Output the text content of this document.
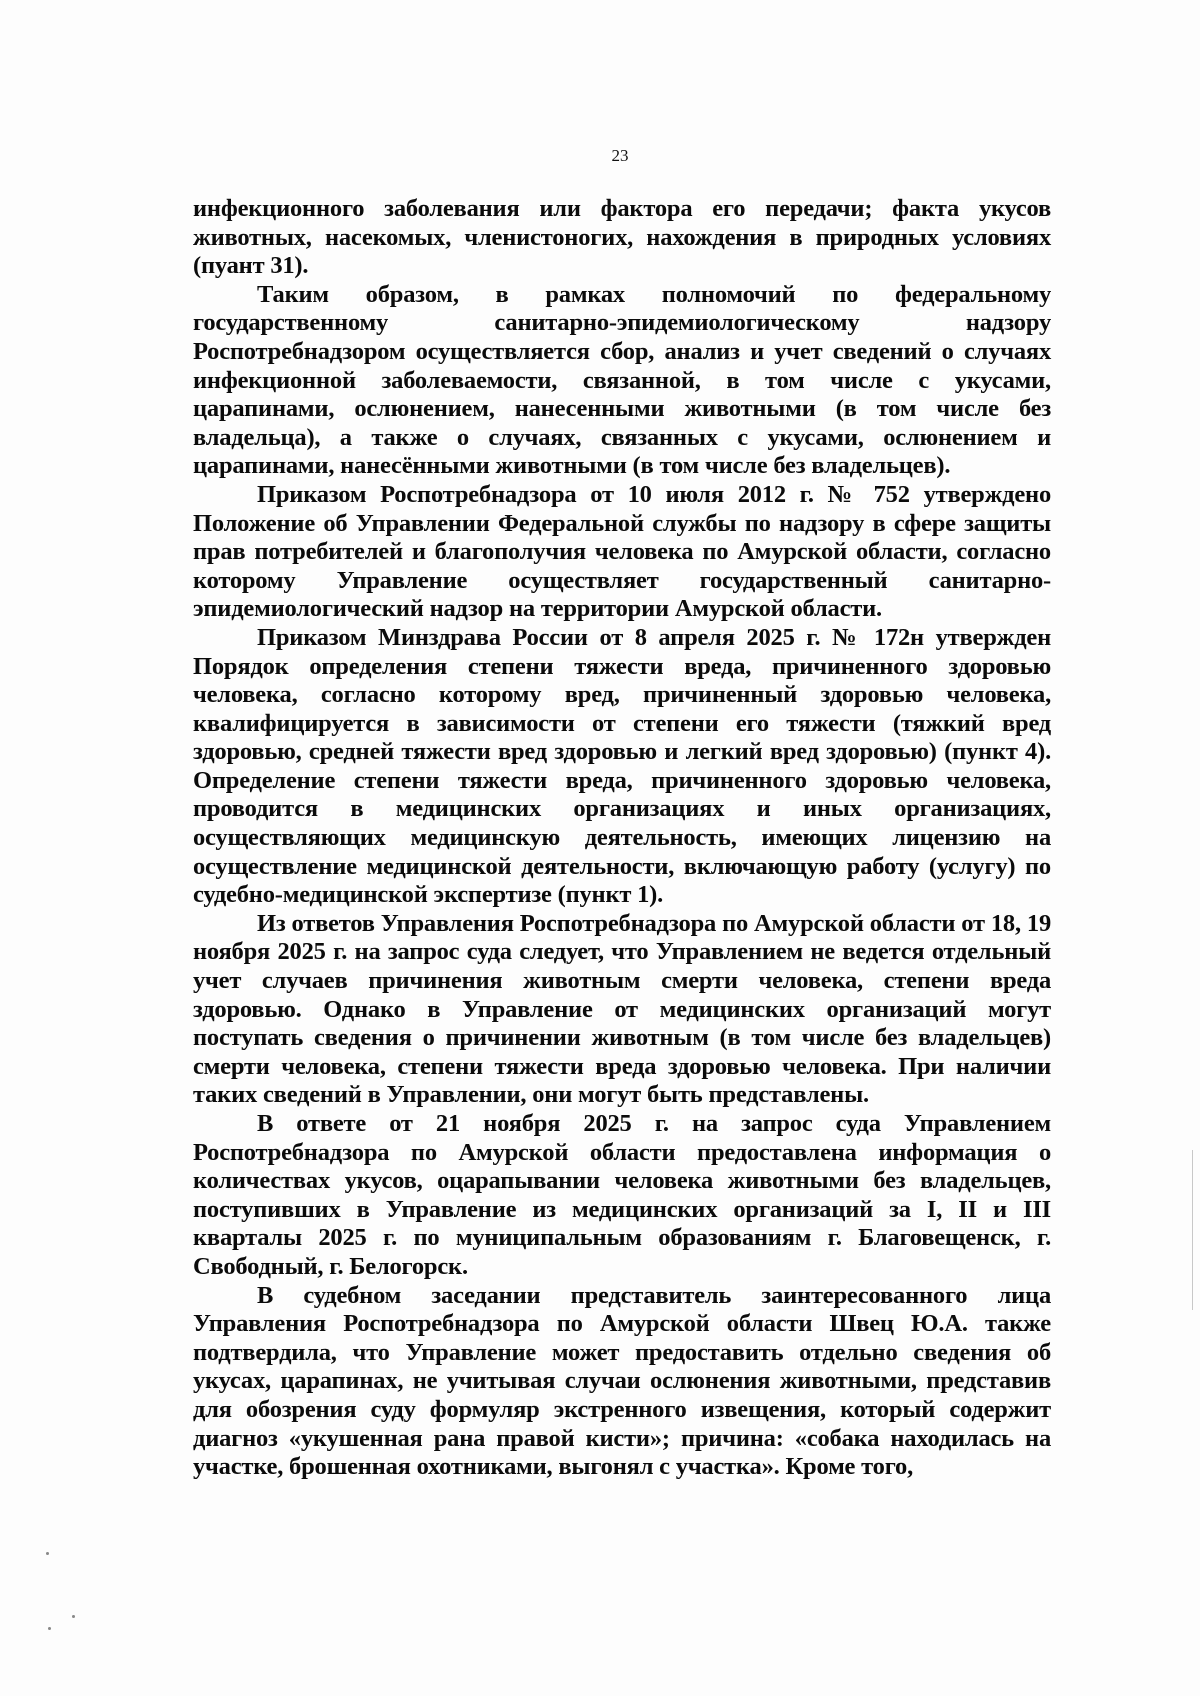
23

инфекционного заболевания или фактора его передачи; факта укусов животных, насекомых, членистоногих, нахождения в природных условиях (пуант 31).

Таким образом, в рамках полномочий по федеральному государственному санитарно-эпидемиологическому надзору Роспотребнадзором осуществляется сбор, анализ и учет сведений о случаях инфекционной заболеваемости, связанной, в том числе с укусами, царапинами, ослюнением, нанесенными животными (в том числе без владельца), а также о случаях, связанных с укусами, ослюнением и царапинами, нанесёнными животными (в том числе без владельцев).

Приказом Роспотребнадзора от 10 июля 2012 г. № 752 утверждено Положение об Управлении Федеральной службы по надзору в сфере защиты прав потребителей и благополучия человека по Амурской области, согласно которому Управление осуществляет государственный санитарно-эпидемиологический надзор на территории Амурской области.

Приказом Минздрава России от 8 апреля 2025 г. № 172н утвержден Порядок определения степени тяжести вреда, причиненного здоровью человека, согласно которому вред, причиненный здоровью человека, квалифицируется в зависимости от степени его тяжести (тяжкий вред здоровью, средней тяжести вред здоровью и легкий вред здоровью) (пункт 4). Определение степени тяжести вреда, причиненного здоровью человека, проводится в медицинских организациях и иных организациях, осуществляющих медицинскую деятельность, имеющих лицензию на осуществление медицинской деятельности, включающую работу (услугу) по судебно-медицинской экспертизе (пункт 1).

Из ответов Управления Роспотребнадзора по Амурской области от 18, 19 ноября 2025 г. на запрос суда следует, что Управлением не ведется отдельный учет случаев причинения животным смерти человека, степени вреда здоровью. Однако в Управление от медицинских организаций могут поступать сведения о причинении животным (в том числе без владельцев) смерти человека, степени тяжести вреда здоровью человека. При наличии таких сведений в Управлении, они могут быть представлены.

В ответе от 21 ноября 2025 г. на запрос суда Управлением Роспотребнадзора по Амурской области предоставлена информация о количествах укусов, оцарапывании человека животными без владельцев, поступивших в Управление из медицинских организаций за I, II и III кварталы 2025 г. по муниципальным образованиям г. Благовещенск, г. Свободный, г. Белогорск.

В судебном заседании представитель заинтересованного лица Управления Роспотребнадзора по Амурской области Швец Ю.А. также подтвердила, что Управление может предоставить отдельно сведения об укусах, царапинах, не учитывая случаи ослюнения животными, представив для обозрения суду формуляр экстренного извещения, который содержит диагноз «укушенная рана правой кисти»; причина: «собака находилась на участке, брошенная охотниками, выгонял с участка». Кроме того,
